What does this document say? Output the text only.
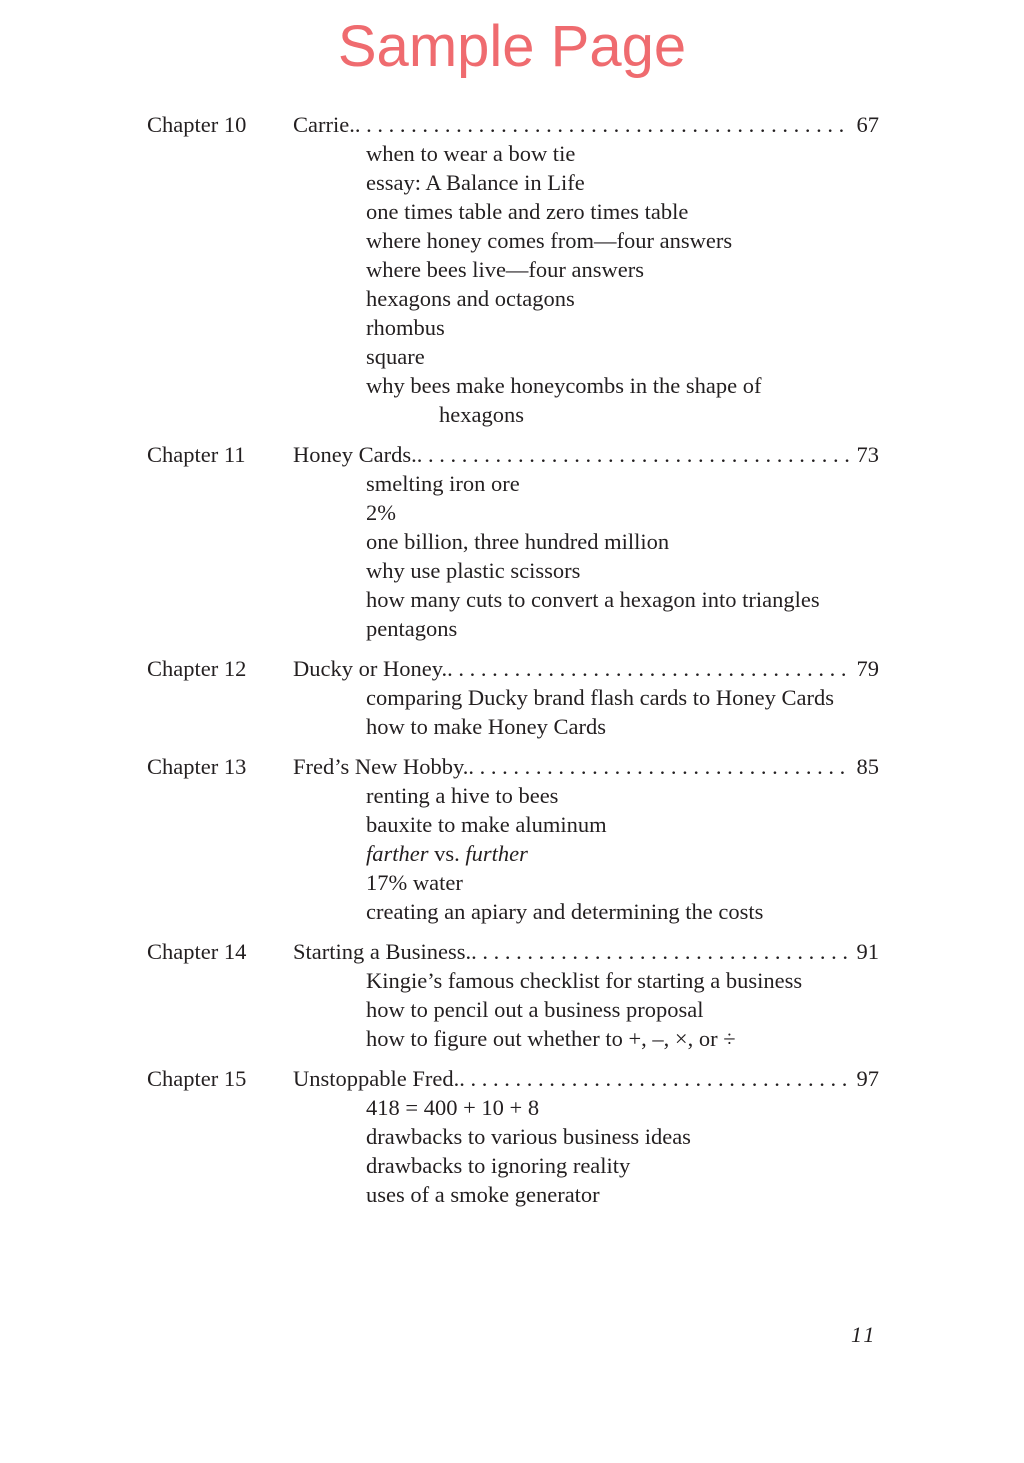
Sample Page
Chapter 10 Carrie. . . .	67
when to wear a bow tie
essay: A Balance in Life
one times table and zero times table
where honey comes from—four answers
where bees live—four answers
hexagons and octagons
rhombus
square
why bees make honeycombs in the shape of hexagons
Chapter 11 Honey Cards. . . .	73
smelting iron ore
2%
one billion, three hundred million
why use plastic scissors
how many cuts to convert a hexagon into triangles
pentagons
Chapter 12 Ducky or Honey. . . .	79
comparing Ducky brand flash cards to Honey Cards
how to make Honey Cards
Chapter 13 Fred’s New Hobby. . . .	85
renting a hive to bees
bauxite to make aluminum
farther vs. further
17% water
creating an apiary and determining the costs
Chapter 14 Starting a Business. . . .	91
Kingie’s famous checklist for starting a business
how to pencil out a business proposal
how to figure out whether to +, –, ×, or ÷
Chapter 15 Unstoppable Fred. . . .	97
418 = 400 + 10 + 8
drawbacks to various business ideas
drawbacks to ignoring reality
uses of a smoke generator
11
